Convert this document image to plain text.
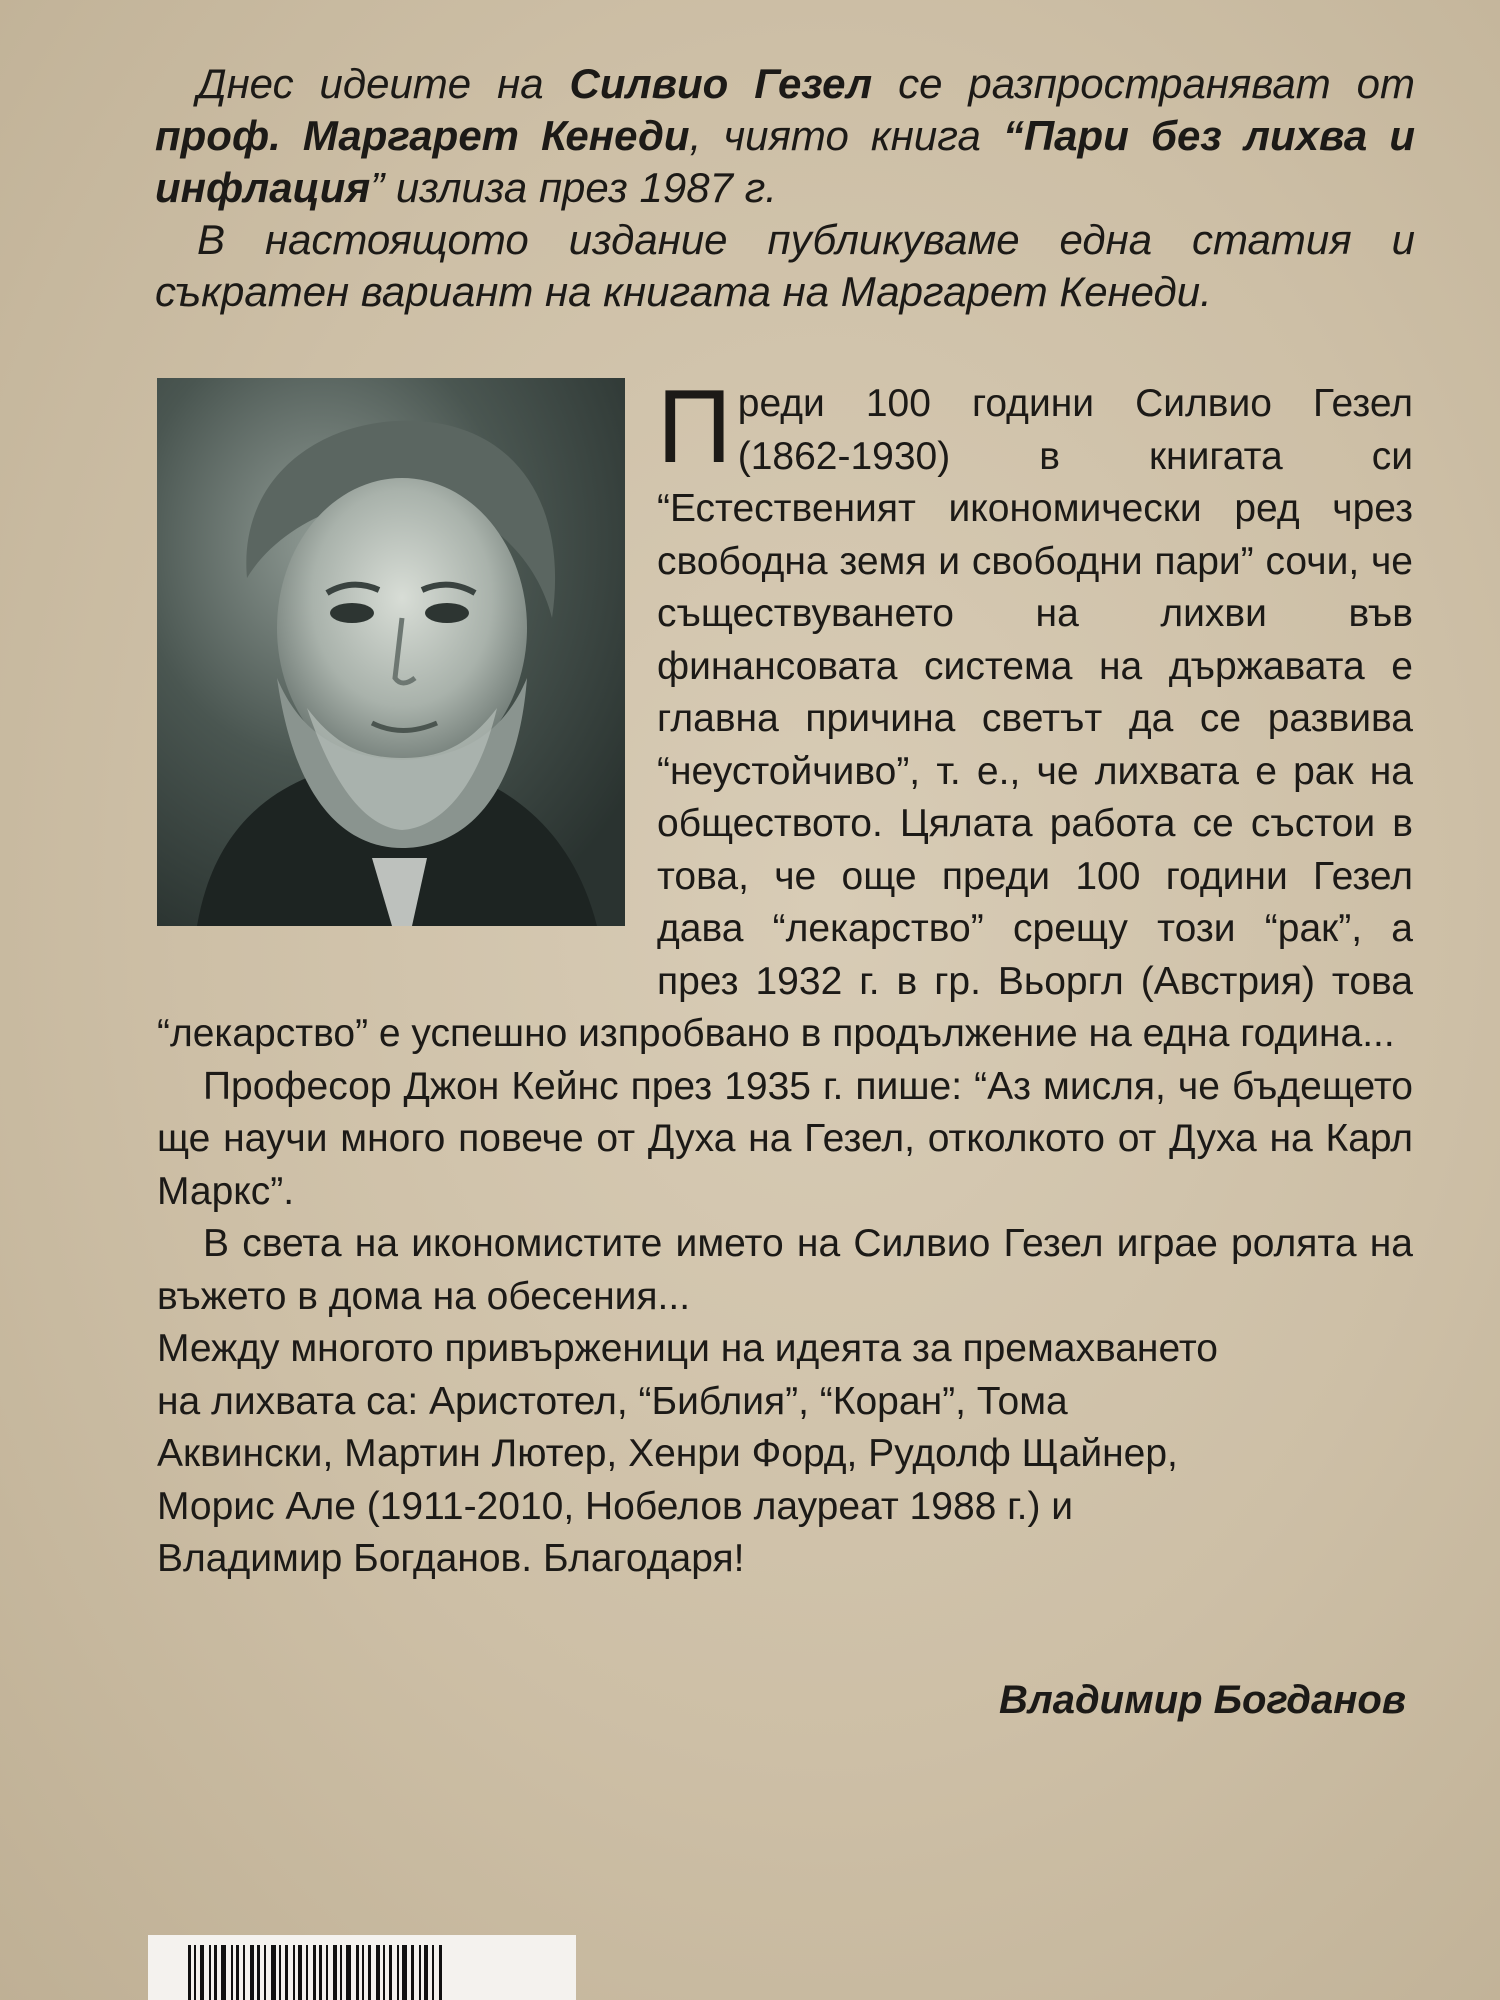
Днес идеите на Силвио Гезел се разпространяват от проф. Маргарет Кенеди, чиято книга “Пари без лихва и инфлация” излиза през 1987 г.

В настоящото издание публикуваме една статия и съкратен вариант на книгата на Маргарет Кенеди.

Преди 100 години Силвио Гезел (1862-1930) в книгата си “Естественият икономически ред чрез свободна земя и свободни пари” сочи, че съществуването на лихви във финансовата система на държавата е главна причина светът да се развива “неустойчиво”, т. е., че лихвата е рак на обществото. Цялата работа се състои в това, че още преди 100 години Гезел дава “лекарство” срещу този “рак”, а през 1932 г. в гр. Вьоргл (Австрия) това “лекарство” е успешно изпробвано в продължение на една година...

Професор Джон Кейнс през 1935 г. пише: “Аз мисля, че бъдещето ще научи много повече от Духа на Гезел, отколкото от Духа на Карл Маркс”.

В света на икономистите името на Силвио Гезел играе ролята на въжето в дома на обесения...

Между многото привърженици на идеята за премахването

на лихвата са: Аристотел, “Библия”, “Коран”, Тома

Аквински, Мартин Лютер, Хенри Форд, Рудолф Щайнер,

Морис Але (1911-2010, Нобелов лауреат 1988 г.) и

Владимир Богданов. Благодаря!

Владимир Богданов
